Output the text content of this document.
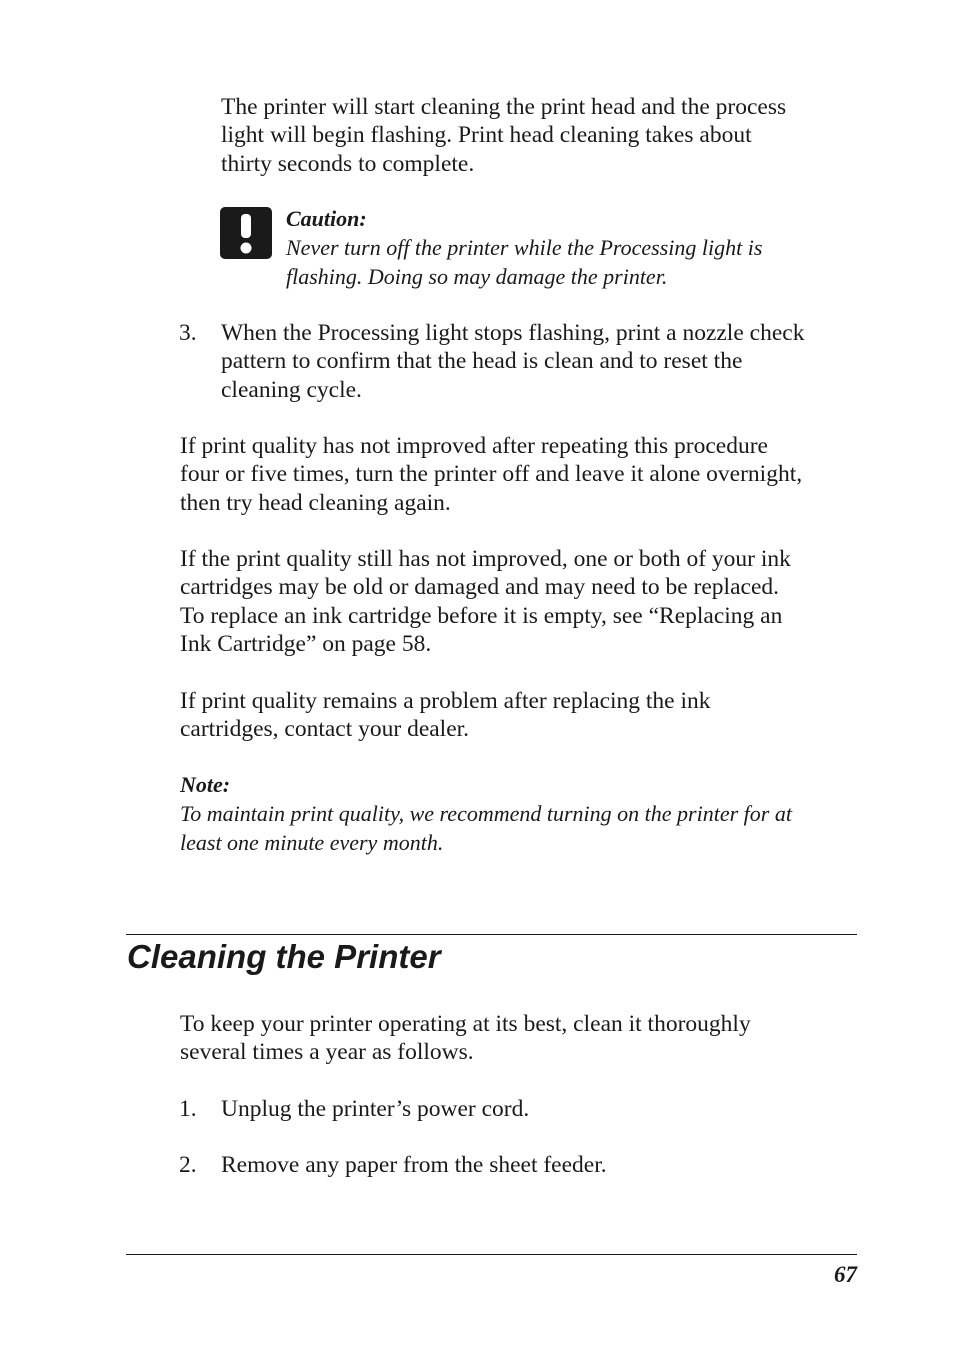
The printer will start cleaning the print head and the process
light will begin flashing. Print head cleaning takes about
thirty seconds to complete.

Caution:

Never turn off the printer while the Processing light is
flashing. Doing so may damage the printer.

3. When the Processing light stops flashing, print a nozzle check
pattern to confirm that the head is clean and to reset the
cleaning cycle.

If print quality has not improved after repeating this procedure
four or five times, turn the printer off and leave it alone overnight,
then try head cleaning again.

If the print quality still has not improved, one or both of your ink
cartridges may be old or damaged and may need to be replaced.
To replace an ink cartridge before it is empty, see “Replacing an
Ink Cartridge” on page 58.

If print quality remains a problem after replacing the ink
cartridges, contact your dealer.

Note:

To maintain print quality, we recommend turning on the printer for at
least one minute every month.

Cleaning the Printer

To keep your printer operating at its best, clean it thoroughly
several times a year as follows.

1. Unplug the printer’s power cord.

2. Remove any paper from the sheet feeder.

67
